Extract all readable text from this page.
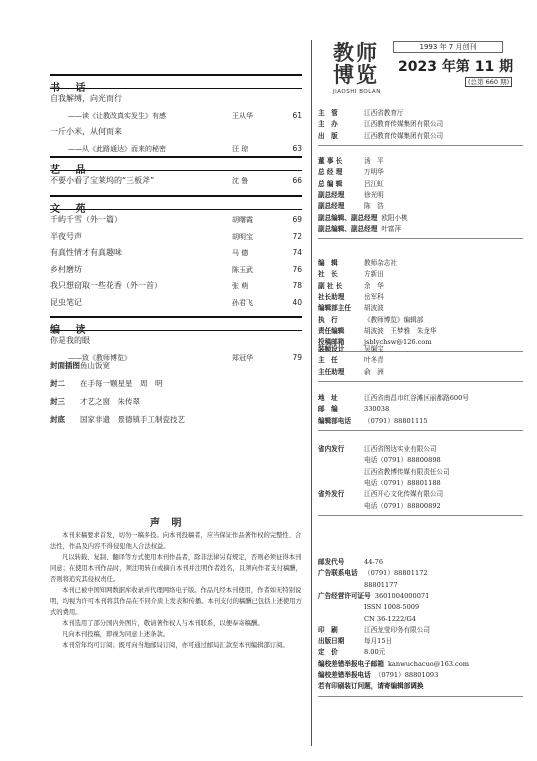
教师博览
JIAOSHI BOLAN
1993 年 7 月创刊
2023 年第 11 期
(总第 660 期)
书 话
自我解缚，向光而行
——读《让教改真实发生》有感	王从华	61
一斤小米，从何而来
——从《此路通达》而来的秘密	汪 琼	63
艺 品
不要小看了宝莱坞的“三板斧”	沈 鲁	66
文 苑
千屿千雪（外一篇）	胡曙霞	69
半夜号声	胡明宝	72
有真性情才有真趣味	马 德	74
乡村磨坊	陈玉武	76
我只想窃取一些花香（外一首）	张 萌	78
昆虫笔记	孙君飞	40
编 读
你是我的眼
——致《教师博览》	郑冠华	79
封面插图鱼山饭宽
封二 在手每一颗星星　周　明
封三 才艺之窗　朱传翠
封底 国家非遗　景德镇手工制瓷技艺
声 明

本刊来稿要求首发，切勿一稿多投。向本刊投稿者，应当保证作品著作权的完整性、合法性，作品及内容不得侵犯他人合法权益。

凡以转载、复制、翻译等方式使用本刊作品者，除非法律另有规定，否则必须征得本刊同意；在使用本刊作品时，须注明转自或摘自本刊并注明作者姓名，且须向作者支付稿酬，否则将追究其侵权责任。

本刊已被中国知网数据库收录并代理网络电子版。作品凡经本刊使用，作者如无特别说明，均视为许可本刊将其作品在不同介质上发表和传播。本刊支付的稿酬已包括上述使用方式的费用。

本刊选用了部分国内外图片，敬请著作权人与本刊联系，以便奉寄稿酬。

凡向本刊投稿，即视为同意上述条款。

本刊常年均可订阅；既可向当地邮局订阅，亦可通过邮局汇款至本刊编辑部订阅。

主　管	江西省教育厅
主　办	江西教育传媒集团有限公司
出　版	江西教育传媒集团有限公司
董 事 长	汤　平
总 经 理	万明华
总 编 辑	吕江虹
副总经理	徐光明
副总经理	陈　浩
副总编辑、副总经理 欧阳小桃
副总编辑、副总经理 叶富萍
编　辑	教师杂志社
社　长	方新田
副 社 长	余　华
社长助理	岳军科
编辑部主任 胡波波
执　行	《教师博览》编辑部
责任编辑	胡波波　王梦雅　朱龙华
投稿邮箱	jsblychsw@126.com
装帧设计	吴编宝
主　任	叶冬青
主任助理	俞　洲
地　址	江西省南昌市红谷滩区丽都路600号
邮　编	330038
编辑部电话 （0791）88801115
省内发行	江西省图达实业有限公司
电话（0791）88800898
江西省教博传媒有限责任公司
电话（0791）88801188
省外发行	江西开心文化传媒有限公司
电话（0791）88800892
邮发代号	44-76
广告联系电话 （0791）88801172
88801177
广告经营许可证号 3601004000071
ISSN 1008-5009
CN 36-1222/G4
印　刷	江西龙莹印务有限公司
出版日期	每月15日
定　价	8.00元
编校差错举报电子邮箱 kanwuchacuo@163.com
编校差错举报电话 （0791）88801093
若有印刷装订问题，请寄编辑部调换
